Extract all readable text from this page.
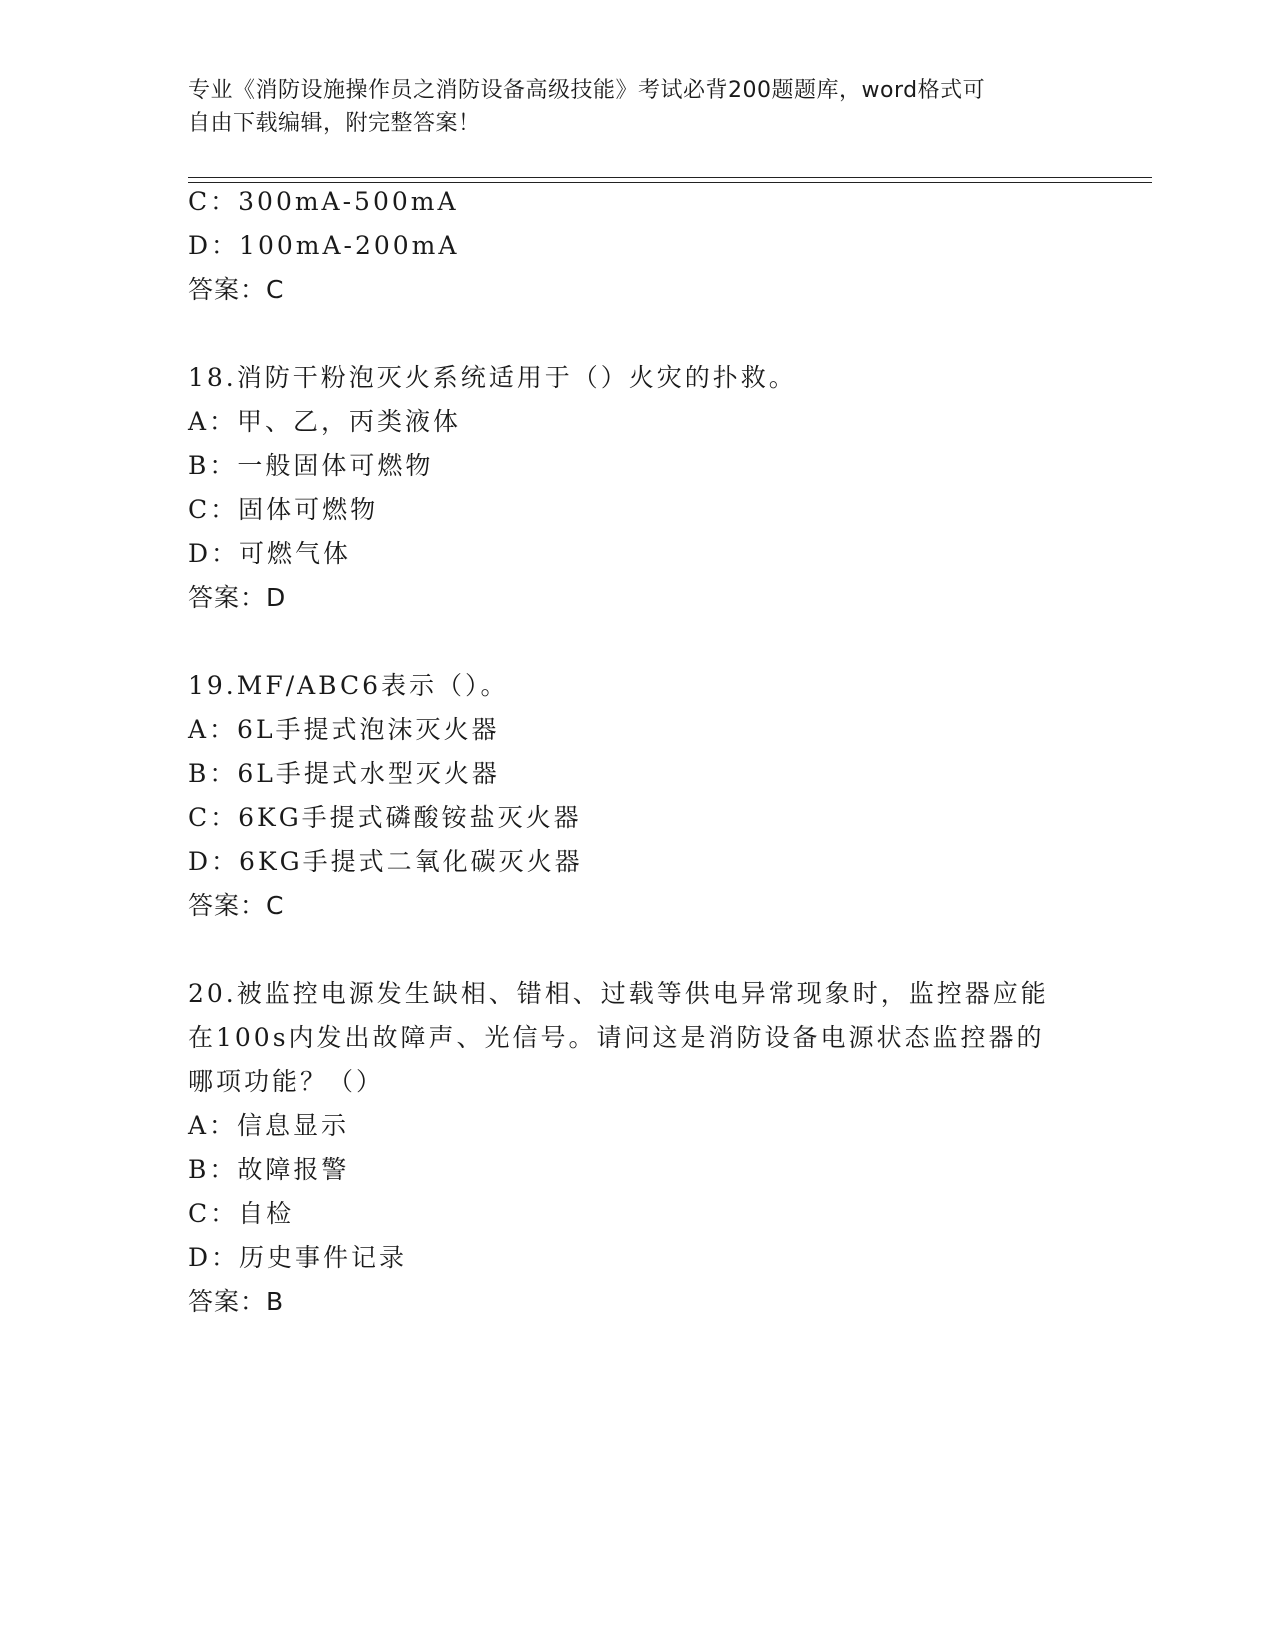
专业《消防设施操作员之消防设备高级技能》考试必背200题题库，word格式可
自由下载编辑，附完整答案！
C：300mA-500mA
D：100mA-200mA
答案：C
18.消防干粉泡灭火系统适用于（）火灾的扑救。
A：甲、乙，丙类液体
B：一般固体可燃物
C：固体可燃物
D：可燃气体
答案：D
19.MF/ABC6表示（）。
A：6L手提式泡沫灭火器
B：6L手提式水型灭火器
C：6KG手提式磷酸铵盐灭火器
D：6KG手提式二氧化碳灭火器
答案：C
20.被监控电源发生缺相、错相、过载等供电异常现象时，监控器应能
在100s内发出故障声、光信号。请问这是消防设备电源状态监控器的
哪项功能？（）
A：信息显示
B：故障报警
C：自检
D：历史事件记录
答案：B
